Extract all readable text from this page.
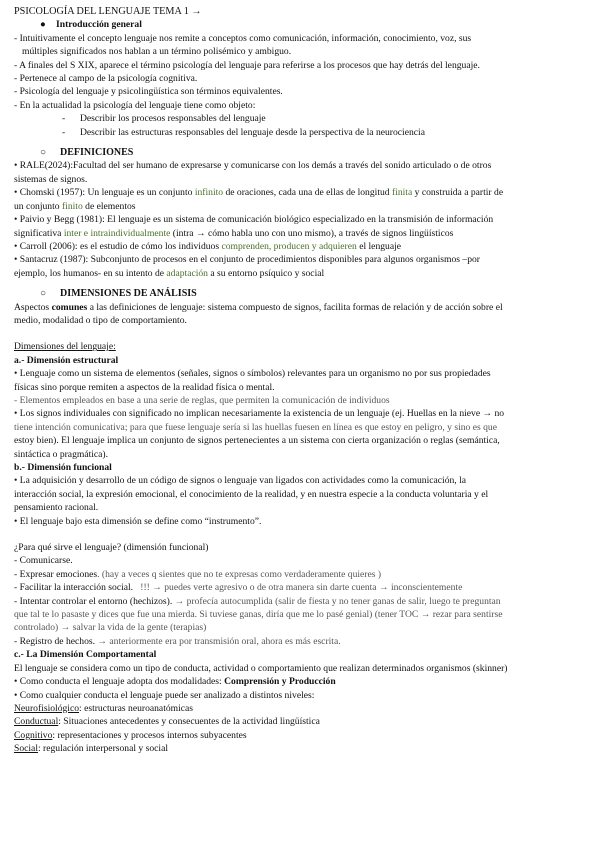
PSICOLOGÍA DEL LENGUAJE TEMA 1 →

● Introducción general

- Intuitivamente el concepto lenguaje nos remite a conceptos como comunicación, información, conocimiento, voz, sus

múltiples significados nos hablan a un término polisémico y ambiguo.

- A finales del S XIX, aparece el término psicología del lenguaje para referirse a los procesos que hay detrás del lenguaje.

- Pertenece al campo de la psicología cognitiva.

- Psicología del lenguaje y psicolingüística son términos equivalentes.

- En la actualidad la psicología del lenguaje tiene como objeto:

- Describir los procesos responsables del lenguaje

- Describir las estructuras responsables del lenguaje desde la perspectiva de la neurociencia

○ DEFINICIONES

• RALE(2024):Facultad del ser humano de expresarse y comunicarse con los demás a través del sonido articulado o de otros

sistemas de signos.

• Chomski (1957): Un lenguaje es un conjunto infinito de oraciones, cada una de ellas de longitud finita y construida a partir de

un conjunto finito de elementos

• Paivio y Begg (1981): El lenguaje es un sistema de comunicación biológico especializado en la transmisión de información

significativa inter e intraindividualmente (intra → cómo habla uno con uno mismo), a través de signos lingüísticos

• Carroll (2006): es el estudio de cómo los individuos comprenden, producen y adquieren el lenguaje

• Santacruz (1987): Subconjunto de procesos en el conjunto de procedimientos disponibles para algunos organismos –por

ejemplo, los humanos- en su intento de adaptación a su entorno psíquico y social

○ DIMENSIONES DE ANÁLISIS

Aspectos comunes a las definiciones de lenguaje: sistema compuesto de signos, facilita formas de relación y de acción sobre el

medio, modalidad o tipo de comportamiento.

Dimensiones del lenguaje:

a.- Dimensión estructural

• Lenguaje como un sistema de elementos (señales, signos o símbolos) relevantes para un organismo no por sus propiedades

físicas sino porque remiten a aspectos de la realidad física o mental.

- Elementos empleados en base a una serie de reglas, que permiten la comunicación de individuos

• Los signos individuales con significado no implican necesariamente la existencia de un lenguaje (ej. Huellas en la nieve → no

tiene intención comunicativa; para que fuese lenguaje sería si las huellas fuesen en línea es que estoy en peligro, y sino es que

estoy bien). El lenguaje implica un conjunto de signos pertenecientes a un sistema con cierta organización o reglas (semántica,

sintáctica o pragmática).

b.- Dimensión funcional

• La adquisición y desarrollo de un código de signos o lenguaje van ligados con actividades como la comunicación, la

interacción social, la expresión emocional, el conocimiento de la realidad, y en nuestra especie a la conducta voluntaria y el

pensamiento racional.

• El lenguaje bajo esta dimensión se define como “instrumento”.

¿Para qué sirve el lenguaje? (dimensión funcional)

- Comunicarse.

- Expresar emociones. (hay a veces q sientes que no te expresas como verdaderamente quieres )

- Facilitar la interacción social.   !!! → puedes verte agresivo o de otra manera sin darte cuenta → inconscientemente

- Intentar controlar el entorno (hechizos). → profecía autocumplida (salir de fiesta y no tener ganas de salir, luego te preguntan

que tal te lo pasaste y dices que fue una mierda. Si tuviese ganas, diría que me lo pasé genial) (tener TOC → rezar para sentirse

controlado) → salvar la vida de la gente (terapias)

- Registro de hechos. → anteriormente era por transmisión oral, ahora es más escrita.

c.- La Dimensión Comportamental

El lenguaje se considera como un tipo de conducta, actividad o comportamiento que realizan determinados organismos (skinner)

• Como conducta el lenguaje adopta dos modalidades: Comprensión y Producción

• Como cualquier conducta el lenguaje puede ser analizado a distintos niveles:

Neurofisiológico: estructuras neuroanatómicas

Conductual: Situaciones antecedentes y consecuentes de la actividad lingüística

Cognitivo: representaciones y procesos internos subyacentes

Social: regulación interpersonal y social
